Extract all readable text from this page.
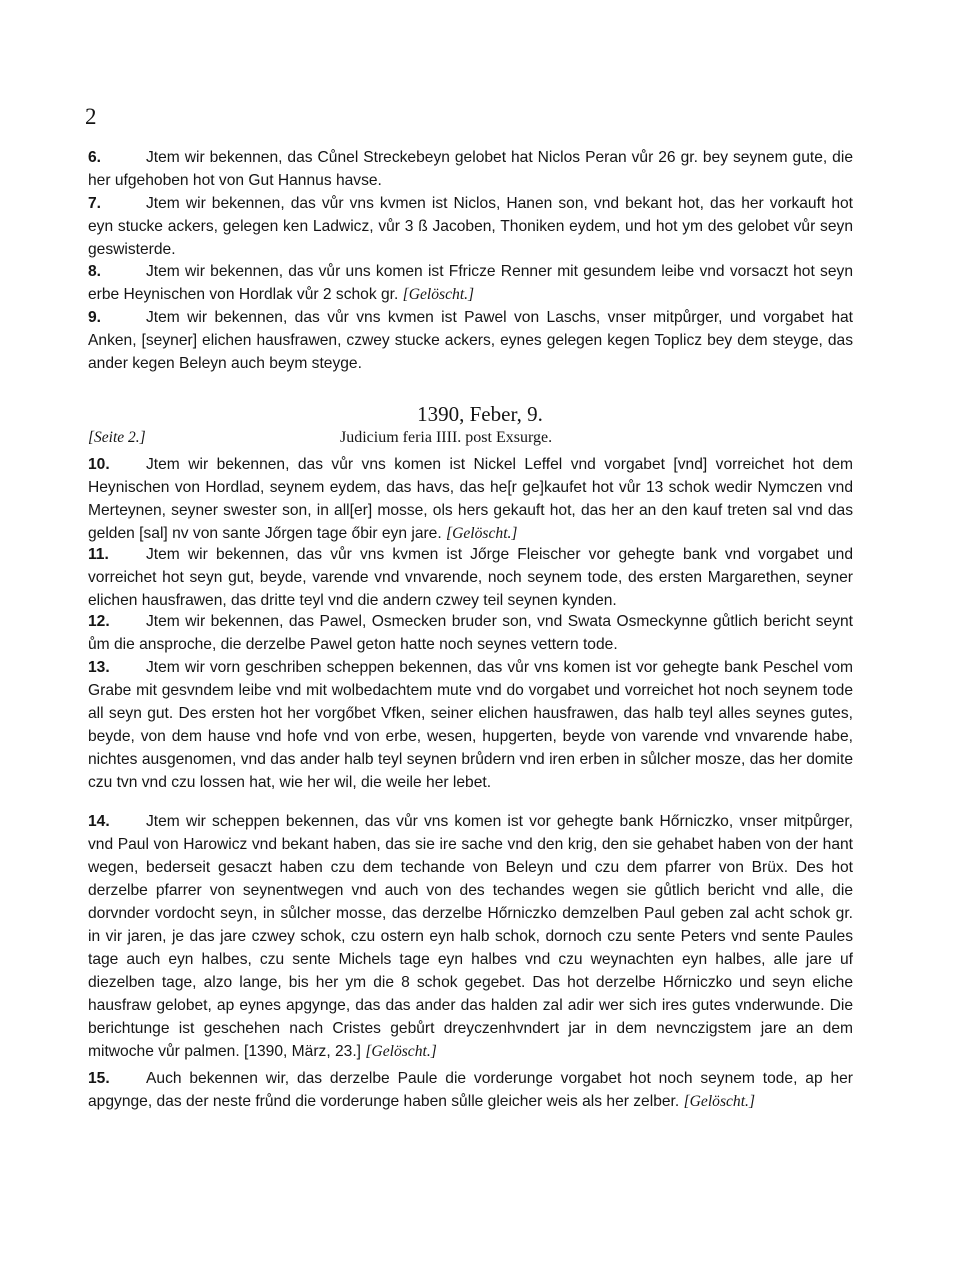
2
6.	Jtem wir bekennen, das Cůnel Streckebeyn gelobet hat Niclos Peran vůr 26 gr. bey seynem gute, die her ufgehoben hot von Gut Hannus havse.
7.	Jtem wir bekennen, das vůr vns kvmen ist Niclos, Hanen son, vnd bekant hot, das her vorkauft hot eyn stucke ackers, gelegen ken Ladwicz, vůr 3 ß Jacoben, Thoniken eydem, und hot ym des gelobet vůr seyn geswisterde.
8.	Jtem wir bekennen, das vůr uns komen ist Ffricze Renner mit gesundem leibe vnd vorsaczt hot seyn erbe Heynischen von Hordlak vůr 2 schok gr. [Gelöscht.]
9.	Jtem wir bekennen, das vůr vns kvmen ist Pawel von Laschs, vnser mitpůrger, und vorgabet hat Anken, [seyner] elichen hausfrawen, czwey stucke ackers, eynes gelegen kegen Toplicz bey dem steyge, das ander kegen Beleyn auch beym steyge.
1390, Feber, 9.
[Seite 2.]	Judicium feria IIII. post Exsurge.
10. Jtem wir bekennen, das vůr vns komen ist Nickel Leffel vnd vorgabet [vnd] vorreichet hot dem Heynischen von Hordlad, seynem eydem, das havs, das he[r ge]kaufet hot vůr 13 schok wedir Nymczen vnd Merteynen, seyner swester son, in all[er] mosse, ols hers gekauft hot, das her an den kauf treten sal vnd das gelden [sal] nv von sante Jőrgen tage őbir eyn jare. [Gelöscht.]
11. Jtem wir bekennen, das vůr vns kvmen ist Jőrge Fleischer vor gehegte bank vnd vorgabet und vorreichet hot seyn gut, beyde, varende vnd vnvarende, noch seynem tode, des ersten Margarethen, seyner elichen hausfrawen, das dritte teyl vnd die andern czwey teil seynen kynden.
12. Jtem wir bekennen, das Pawel, Osmecken bruder son, vnd Swata Osmeckynne gůtlich bericht seynt ům die ansproche, die derzelbe Pawel geton hatte noch seynes vettern tode.
13. Jtem wir vorn geschriben scheppen bekennen, das vůr vns komen ist vor gehegte bank Peschel vom Grabe mit gesvndem leibe vnd mit wolbedachtem mute vnd do vorgabet und vorreichet hot noch seynem tode all seyn gut. Des ersten hot her vorgőbet Vfken, seiner elichen hausfrawen, das halb teyl alles seynes gutes, beyde, von dem hause vnd hofe vnd von erbe, wesen, hupgerten, beyde von varende vnd vnvarende habe, nichtes ausgenomen, vnd das ander halb teyl seynen brůdern vnd iren erben in sůlcher mosze, das her domite czu tvn vnd czu lossen hat, wie her wil, die weile her lebet.
14. Jtem wir scheppen bekennen, das vůr vns komen ist vor gehegte bank Hőrniczko, vnser mitpůrger, vnd Paul von Harowicz vnd bekant haben, das sie ire sache vnd den krig, den sie gehabet haben von der hant wegen, bederseit gesaczt haben czu dem techande von Beleyn und czu dem pfarrer von Brüx. Des hot derzelbe pfarrer von seynentwegen vnd auch von des techandes wegen sie gůtlich bericht vnd alle, die dorvnder vordocht seyn, in sůlcher mosse, das derzelbe Hőrniczko demzelben Paul geben zal acht schok gr. in vir jaren, je das jare czwey schok, czu ostern eyn halb schok, dornoch czu sente Peters vnd sente Paules tage auch eyn halbes, czu sente Michels tage eyn halbes vnd czu weynachten eyn halbes, alle jare uf diezelben tage, alzo lange, bis her ym die 8 schok gegebet. Das hot derzelbe Hőrniczko und seyn eliche hausfraw gelobet, ap eynes apgynge, das das ander das halden zal adir wer sich ires gutes vnderwunde. Die berichtunge ist geschehen nach Cristes gebůrt dreyczenhvndert jar in dem nevnczigstem jare an dem mitwoche vůr palmen. [1390, März, 23.] [Gelöscht.]
15. Auch bekennen wir, das derzelbe Paule die vorderunge vorgabet hot noch seynem tode, ap her apgynge, das der neste frůnd die vorderunge haben sůlle gleicher weis als her zelber. [Gelöscht.]
